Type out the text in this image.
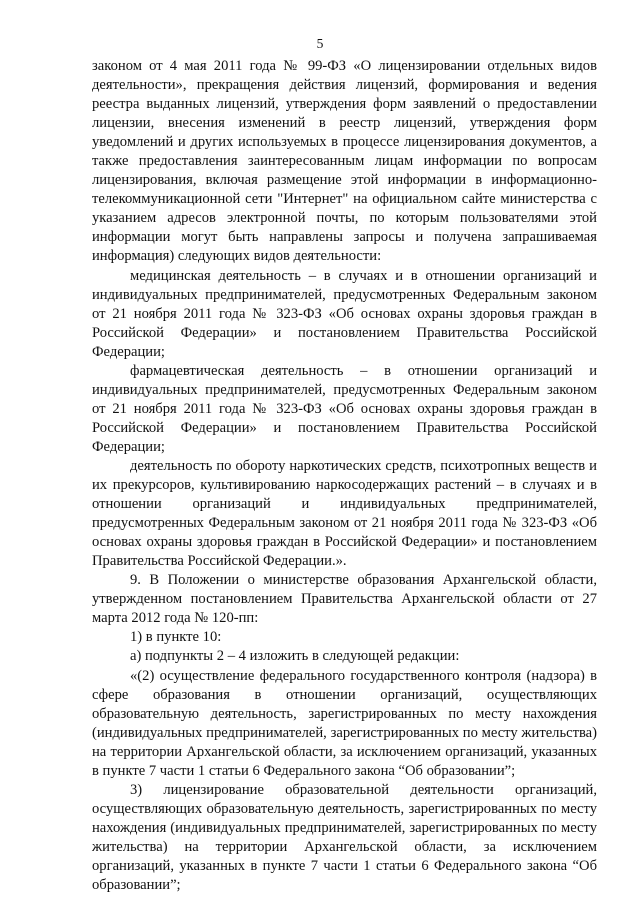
5

законом от 4 мая 2011 года № 99-ФЗ «О лицензировании отдельных видов деятельности», прекращения действия лицензий, формирования и ведения реестра выданных лицензий, утверждения форм заявлений о предоставлении лицензии, внесения изменений в реестр лицензий, утверждения форм уведомлений и других используемых в процессе лицензирования документов, а также предоставления заинтересованным лицам информации по вопросам лицензирования, включая размещение этой информации в информационно-телекоммуникационной сети "Интернет" на официальном сайте министерства с указанием адресов электронной почты, по которым пользователями этой информации могут быть направлены запросы и получена запрашиваемая информация) следующих видов деятельности:

медицинская деятельность – в случаях и в отношении организаций и индивидуальных предпринимателей, предусмотренных Федеральным законом от 21 ноября 2011 года № 323-ФЗ «Об основах охраны здоровья граждан в Российской Федерации» и постановлением Правительства Российской Федерации;

фармацевтическая деятельность – в отношении организаций и индивидуальных предпринимателей, предусмотренных Федеральным законом от 21 ноября 2011 года № 323-ФЗ «Об основах охраны здоровья граждан в Российской Федерации» и постановлением Правительства Российской Федерации;

деятельность по обороту наркотических средств, психотропных веществ и их прекурсоров, культивированию наркосодержащих растений – в случаях и в отношении организаций и индивидуальных предпринимателей, предусмотренных Федеральным законом от 21 ноября 2011 года № 323-ФЗ «Об основах охраны здоровья граждан в Российской Федерации» и постановлением Правительства Российской Федерации.».

9. В Положении о министерстве образования Архангельской области, утвержденном постановлением Правительства Архангельской области от 27 марта 2012 года № 120-пп:

1) в пункте 10:

а) подпункты 2 – 4 изложить в следующей редакции:

«(2) осуществление федерального государственного контроля (надзора) в сфере образования в отношении организаций, осуществляющих образовательную деятельность, зарегистрированных по месту нахождения (индивидуальных предпринимателей, зарегистрированных по месту жительства) на территории Архангельской области, за исключением организаций, указанных в пункте 7 части 1 статьи 6 Федерального закона “Об образовании”;

3) лицензирование образовательной деятельности организаций, осуществляющих образовательную деятельность, зарегистрированных по месту нахождения (индивидуальных предпринимателей, зарегистрированных по месту жительства) на территории Архангельской области, за исключением организаций, указанных в пункте 7 части 1 статьи 6 Федерального закона “Об образовании”;
